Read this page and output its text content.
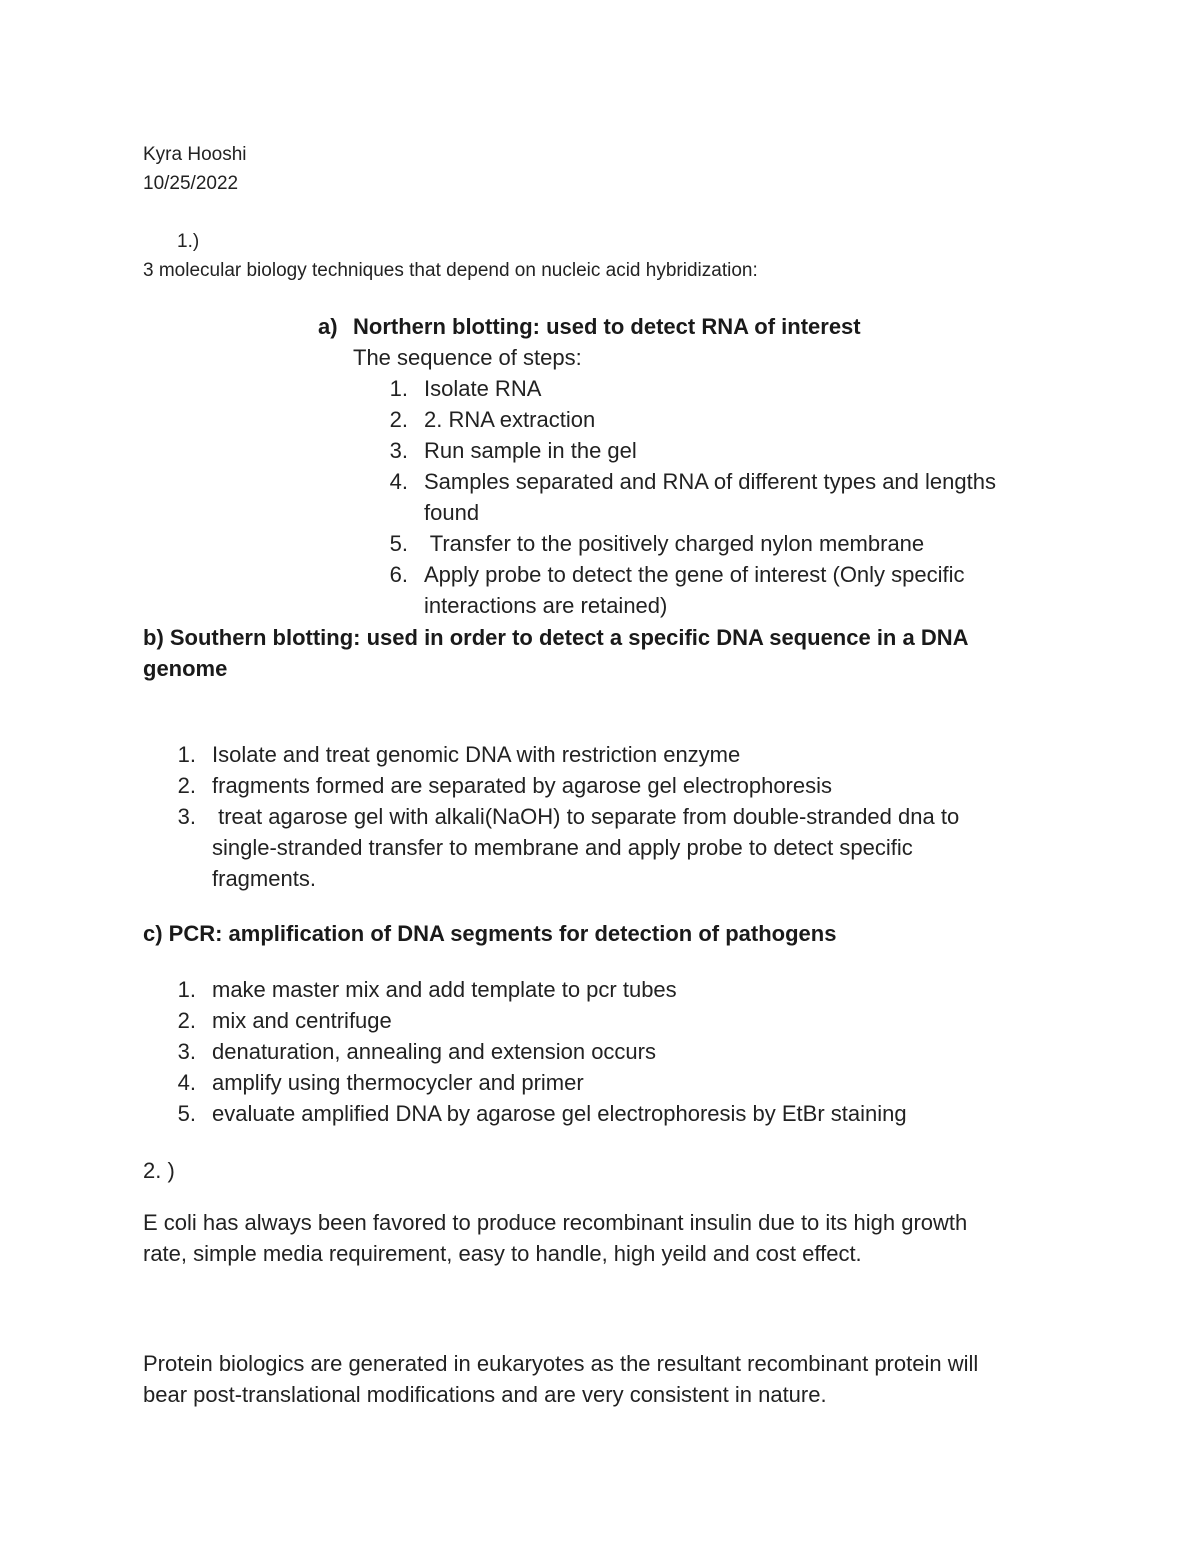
Kyra Hooshi
10/25/2022
1.)
3 molecular biology techniques that depend on nucleic acid hybridization:
a) Northern blotting: used to detect RNA of interest
The sequence of steps:
1. Isolate RNA
2. 2. RNA extraction
3. Run sample in the gel
4. Samples separated and RNA of different types and lengths
found
5. Transfer to the positively charged nylon membrane
6. Apply probe to detect the gene of interest (Only specific
interactions are retained)
b) Southern blotting: used in order to detect a specific DNA sequence in a DNA
genome
1. Isolate and treat genomic DNA with restriction enzyme
2. fragments formed are separated by agarose gel electrophoresis
3. treat agarose gel with alkali(NaOH) to separate from double-stranded dna to
single-stranded transfer to membrane and apply probe to detect specific
fragments.
c) PCR: amplification of DNA segments for detection of pathogens
1. make master mix and add template to pcr tubes
2. mix and centrifuge
3. denaturation, annealing and extension occurs
4. amplify using thermocycler and primer
5. evaluate amplified DNA by agarose gel electrophoresis by EtBr staining
2. )
E coli has always been favored to produce recombinant insulin due to its high growth
rate, simple media requirement, easy to handle, high yeild and cost effect.
Protein biologics are generated in eukaryotes as the resultant recombinant protein will
bear post-translational modifications and are very consistent in nature.
